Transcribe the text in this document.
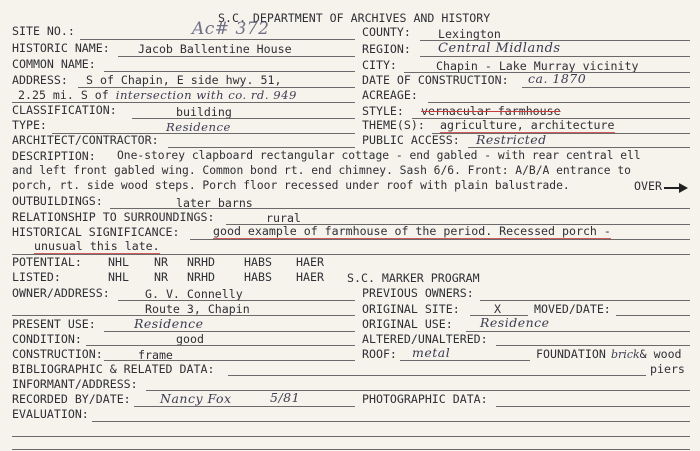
S.C. DEPARTMENT OF ARCHIVES AND HISTORY
SITE NO.:	Ac# 372
HISTORIC NAME: Jacob Ballentine House
COMMON NAME:
ADDRESS: S of Chapin, E side hwy. 51,
2.25 mi. S of intersection with co. rd. 949
CLASSIFICATION:	building
TYPE:	Residence
ARCHITECT/CONTRACTOR:
COUNTY: Lexington
REGION: Central Midlands
CITY:	Chapin - Lake Murray vicinity
DATE OF CONSTRUCTION: ca. 1870
ACREAGE:
STYLE: vernacular farmhouse
THEME(S): agriculture, architecture
PUBLIC ACCESS: Restricted
DESCRIPTION: One-storey clapboard rectangular cottage - end gabled - with rear central ell
and left front gabled wing. Common bond rt. end chimney. Sash 6/6. Front: A/B/A entrance to
porch, rt. side wood steps. Porch floor recessed under roof with plain balustrade.	OVER
OUTBUILDINGS:	later barns
RELATIONSHIP TO SURROUNDINGS:	rural
HISTORICAL SIGNIFICANCE:	good example of farmhouse of the period. Recessed porch -
unusual this late.
POTENTIAL: NHL NR NRHD	HABS HAER
LISTED:	NHL NR NRHD	HABS HAER S.C. MARKER PROGRAM
OWNER/ADDRESS:	G. V. Connelly
Route 3, Chapin
PREVIOUS OWNERS:
ORIGINAL SITE:	X	MOVED/DATE:
PRESENT USE:	Residence	ORIGINAL USE: Residence
CONDITION:	good	ALTERED/UNALTERED:
CONSTRUCTION:	frame	ROOF: metal	FOUNDATION brick& wood
piers
BIBLIOGRAPHIC & RELATED DATA:
INFORMANT/ADDRESS:
RECORDED BY/DATE: Nancy Fox	5/81	PHOTOGRAPHIC DATA:
EVALUATION:
